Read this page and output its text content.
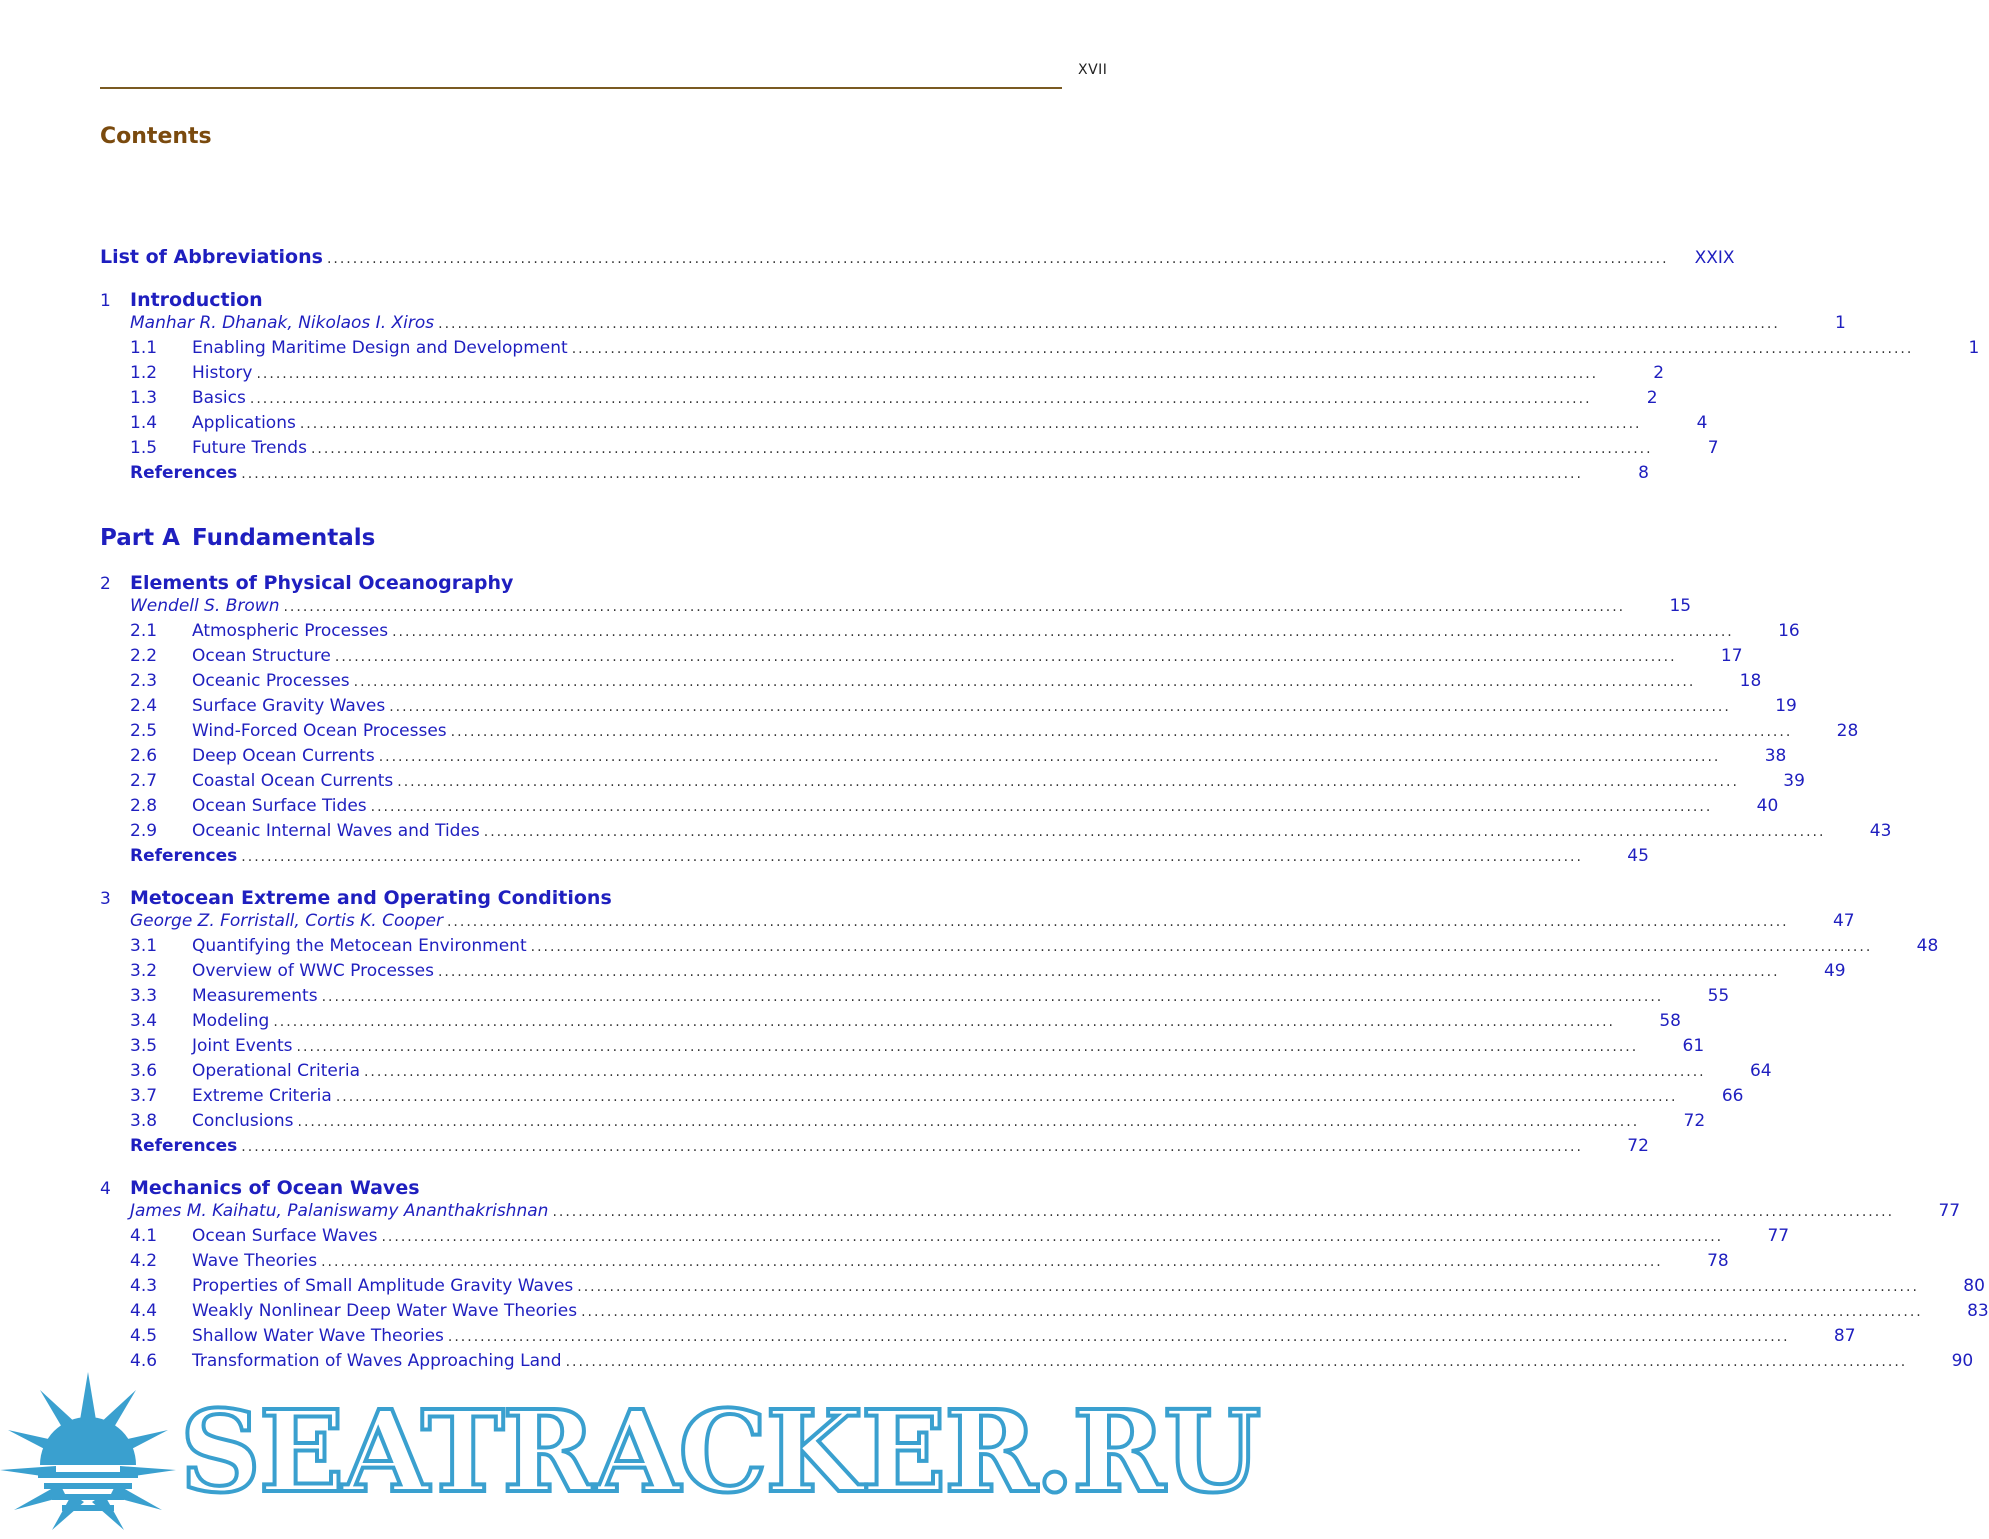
XVII
Contents
List of Abbreviations .....	XXIX
1	Introduction
Manhar R. Dhanak, Nikolaos I. Xiros .....	1
1.1	Enabling Maritime Design and Development .....	1
1.2	History .....	2
1.3	Basics .....	2
1.4	Applications .....	4
1.5	Future Trends .....	7
References .....	8
Part A Fundamentals
2	Elements of Physical Oceanography
Wendell S. Brown .....	15
2.1	Atmospheric Processes .....	16
2.2	Ocean Structure .....	17
2.3	Oceanic Processes .....	18
2.4	Surface Gravity Waves .....	19
2.5	Wind-Forced Ocean Processes .....	28
2.6	Deep Ocean Currents .....	38
2.7	Coastal Ocean Currents .....	39
2.8	Ocean Surface Tides .....	40
2.9	Oceanic Internal Waves and Tides .....	43
References .....	45
3	Metocean Extreme and Operating Conditions
George Z. Forristall, Cortis K. Cooper .....	47
3.1	Quantifying the Metocean Environment .....	48
3.2	Overview of WWC Processes .....	49
3.3	Measurements .....	55
3.4	Modeling .....	58
3.5	Joint Events .....	61
3.6	Operational Criteria .....	64
3.7	Extreme Criteria .....	66
3.8	Conclusions .....	72
References .....	72
4	Mechanics of Ocean Waves
James M. Kaihatu, Palaniswamy Ananthakrishnan .....	77
4.1	Ocean Surface Waves .....	77
4.2	Wave Theories .....	78
4.3	Properties of Small Amplitude Gravity Waves .....	80
4.4	Weakly Nonlinear Deep Water Wave Theories .....	83
4.5	Shallow Water Wave Theories .....	87
4.6	Transformation of Waves Approaching Land .....	90
SEATRACKER.RU
